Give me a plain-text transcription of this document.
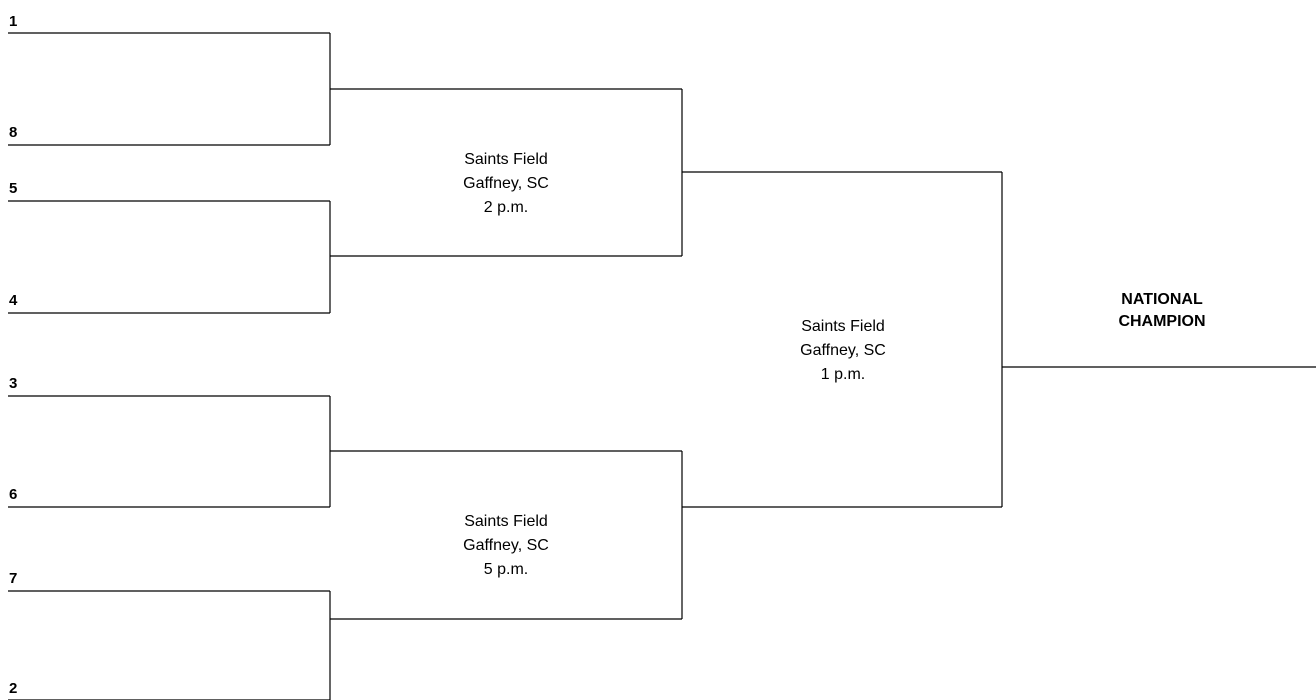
1
8
5
4
3
6
7
2
Saints Field
Gaffney, SC
2 p.m.
Saints Field
Gaffney, SC
5 p.m.
Saints Field
Gaffney, SC
1 p.m.
NATIONAL
CHAMPION
